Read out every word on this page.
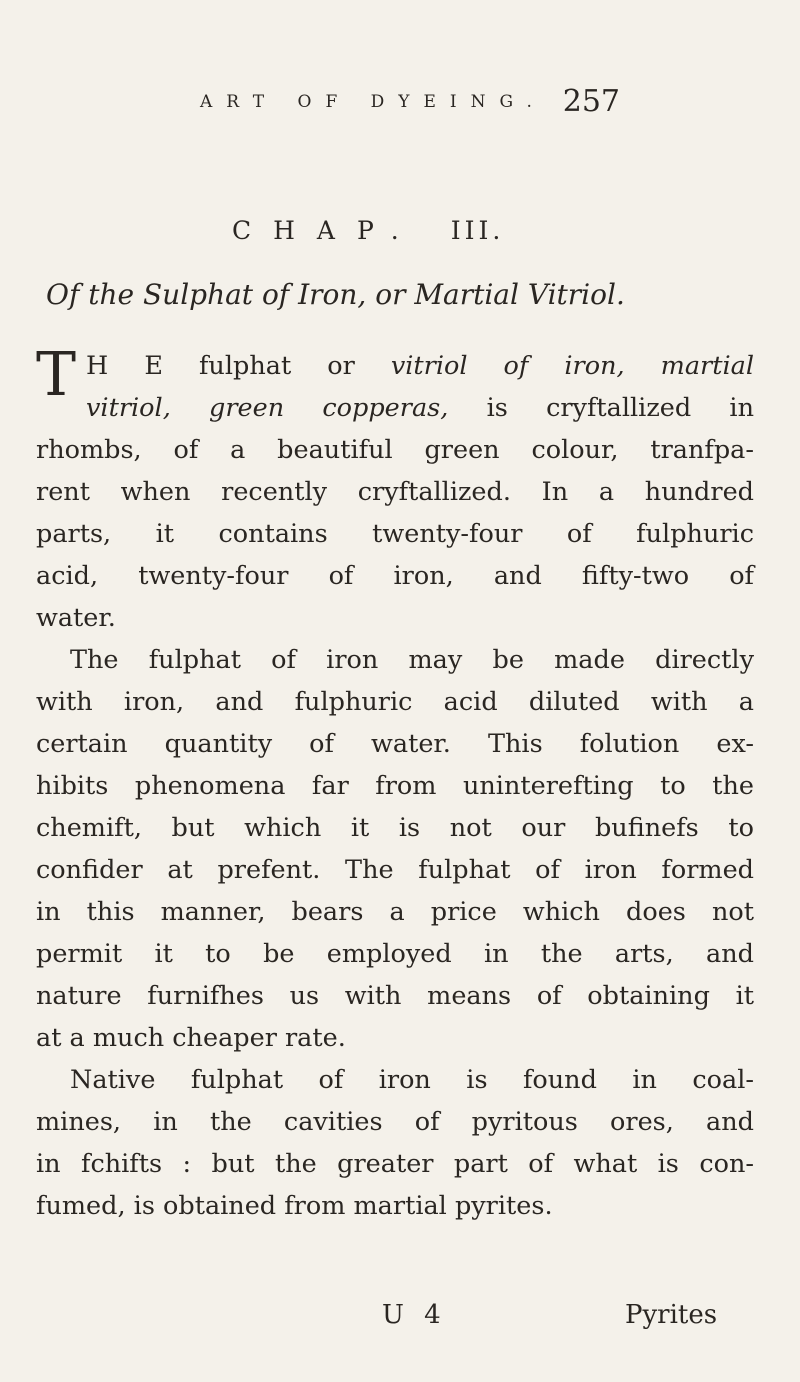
ART OF DYEING. 257
CHAP. III.
Of the Sulphat of Iron, or Martial Vitriol.
T H E fulphat or vitriol of iron, martial
vitriol, green copperas, is cryftallized in
rhombs, of a beautiful green colour, tranfpa-
rent when recently cryftallized. In a hundred
parts, it contains twenty-four of fulphuric
acid, twenty-four of iron, and fifty-two of
water.
The fulphat of iron may be made directly
with iron, and fulphuric acid diluted with a
certain quantity of water. This folution ex-
hibits phenomena far from uninterefting to the
chemift, but which it is not our bufinefs to
confider at prefent. The fulphat of iron formed
in this manner, bears a price which does not
permit it to be employed in the arts, and
nature furnifhes us with means of obtaining it
at a much cheaper rate.
Native fulphat of iron is found in coal-
mines, in the cavities of pyritous ores, and
in fchifts : but the greater part of what is con-
fumed, is obtained from martial pyrites.
U 4	Pyrites
